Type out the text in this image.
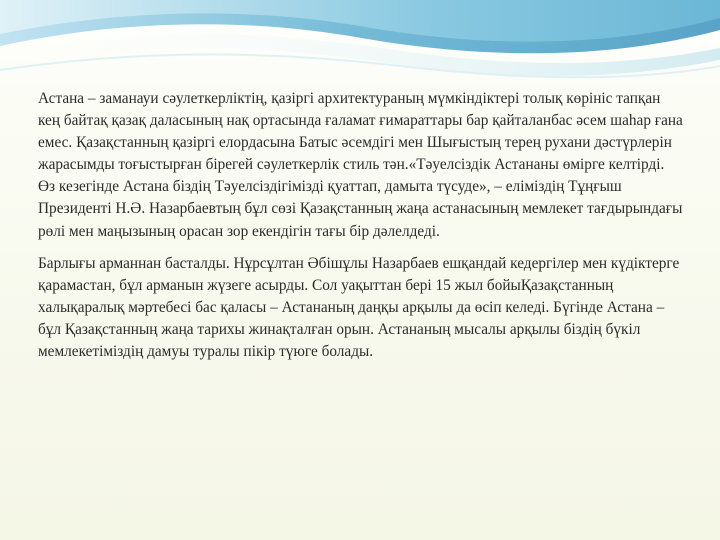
Астана – заманауи сәулеткерліктің, қазіргі архитектураның мүмкіндіктері толық көрініс тапқан кең байтақ қазақ даласының нақ ортасында ғаламат ғимараттары бар қайталанбас әсем шаһар ғана емес. Қазақстанның қазіргі елордасына Батыс әсемдігі мен Шығыстың терең рухани дәстүрлерін жарасымды тоғыстырған бірегей сәулеткерлік стиль тән.«Тәуелсіздік Астананы өмірге келтірді. Өз кезегінде Астана біздің Тәуелсіздігімізді қуаттап, дамыта түсуде», – еліміздің Тұңғыш Президенті Н.Ә. Назарбаевтың бұл сөзі Қазақстанның жаңа астанасының мемлекет тағдырындағы рөлі мен маңызының орасан зор екендігін тағы бір дәлелдеді.

Барлығы арманнан басталды. Нұрсұлтан Әбішұлы Назарбаев ешқандай кедергілер мен күдіктерге қарамастан, бұл арманын жүзеге асырды. Сол уақыттан бері 15 жыл бойыҚазақстанның халықаралық мәртебесі бас қаласы – Астананың даңқы арқылы да өсіп келеді. Бүгінде Астана –бұл Қазақстанның жаңа тарихы жинақталған орын. Астананың мысалы арқылы біздің бүкіл мемлекетіміздің дамуы туралы пікір түюге болады.
